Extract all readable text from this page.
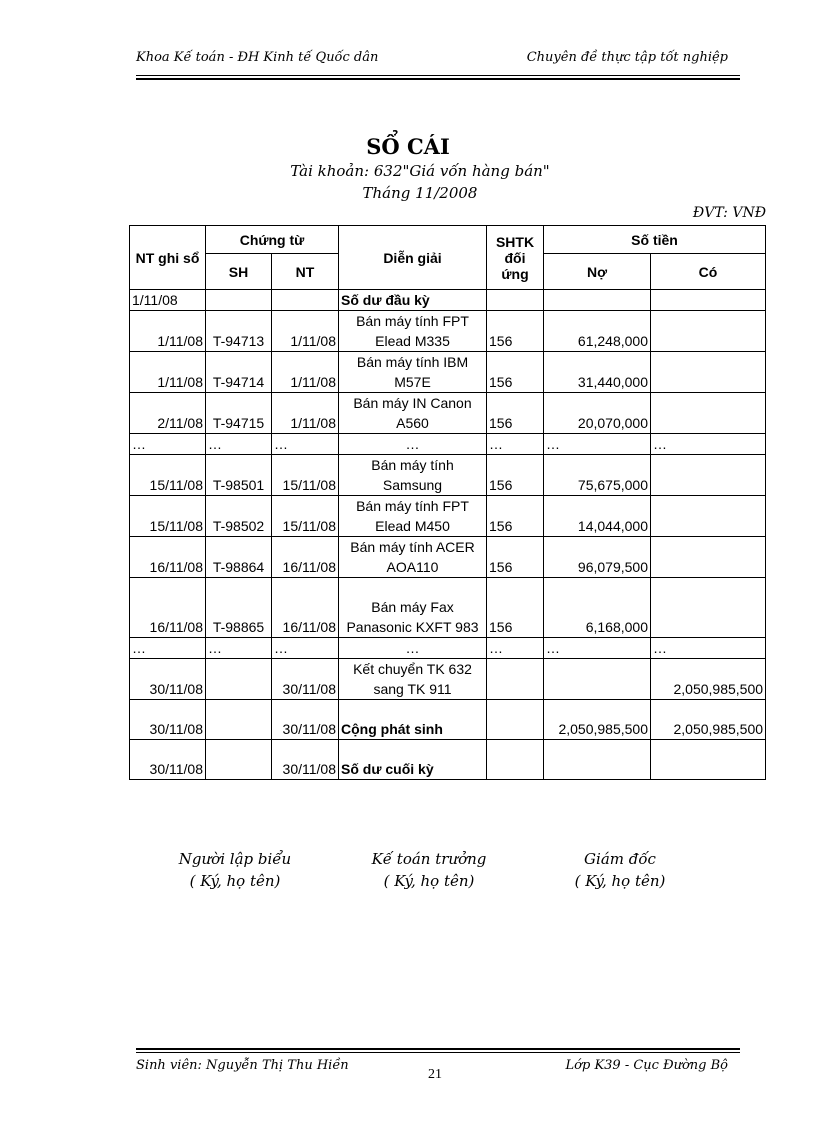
Khoa Kế toán - ĐH Kinh tế Quốc dân	Chuyên đề thực tập tốt nghiệp
SỔ CÁI
Tài khoản: 632"Giá vốn hàng bán"
Tháng 11/2008
ĐVT: VNĐ
NT ghi sổ	Chứng từ		Diễn giải	SHTK đối ứng	Số tiền	
	SH	NT			Nợ	Có
1/11/08			Số dư đầu kỳ			
1/11/08	T-94713	1/11/08	Bán máy tính FPT Elead M335	156	61,248,000	
1/11/08	T-94714	1/11/08	Bán máy tính IBM M57E	156	31,440,000	
2/11/08	T-94715	1/11/08	Bán máy IN Canon A560	156	20,070,000	
…	…	…	…	…	…	…
15/11/08	T-98501	15/11/08	Bán máy tính Samsung	156	75,675,000	
15/11/08	T-98502	15/11/08	Bán máy tính FPT Elead M450	156	14,044,000	
16/11/08	T-98864	16/11/08	Bán máy tính ACER AOA110	156	96,079,500	
16/11/08	T-98865	16/11/08	Bán máy Fax Panasonic KXFT 983	156	6,168,000	
…	…	…	…	…	…	…
30/11/08		30/11/08	Kết chuyển TK 632 sang TK 911			2,050,985,500
30/11/08		30/11/08	Cộng phát sinh		2,050,985,500	2,050,985,500
30/11/08		30/11/08	Số dư cuối kỳ			
Người lập biểu
( Ký, họ tên)
Kế toán trưởng
( Ký, họ tên)
Giám đốc
( Ký, họ tên)
Sinh viên: Nguyễn Thị Thu Hiền
21
Lớp K39 - Cục Đường Bộ
